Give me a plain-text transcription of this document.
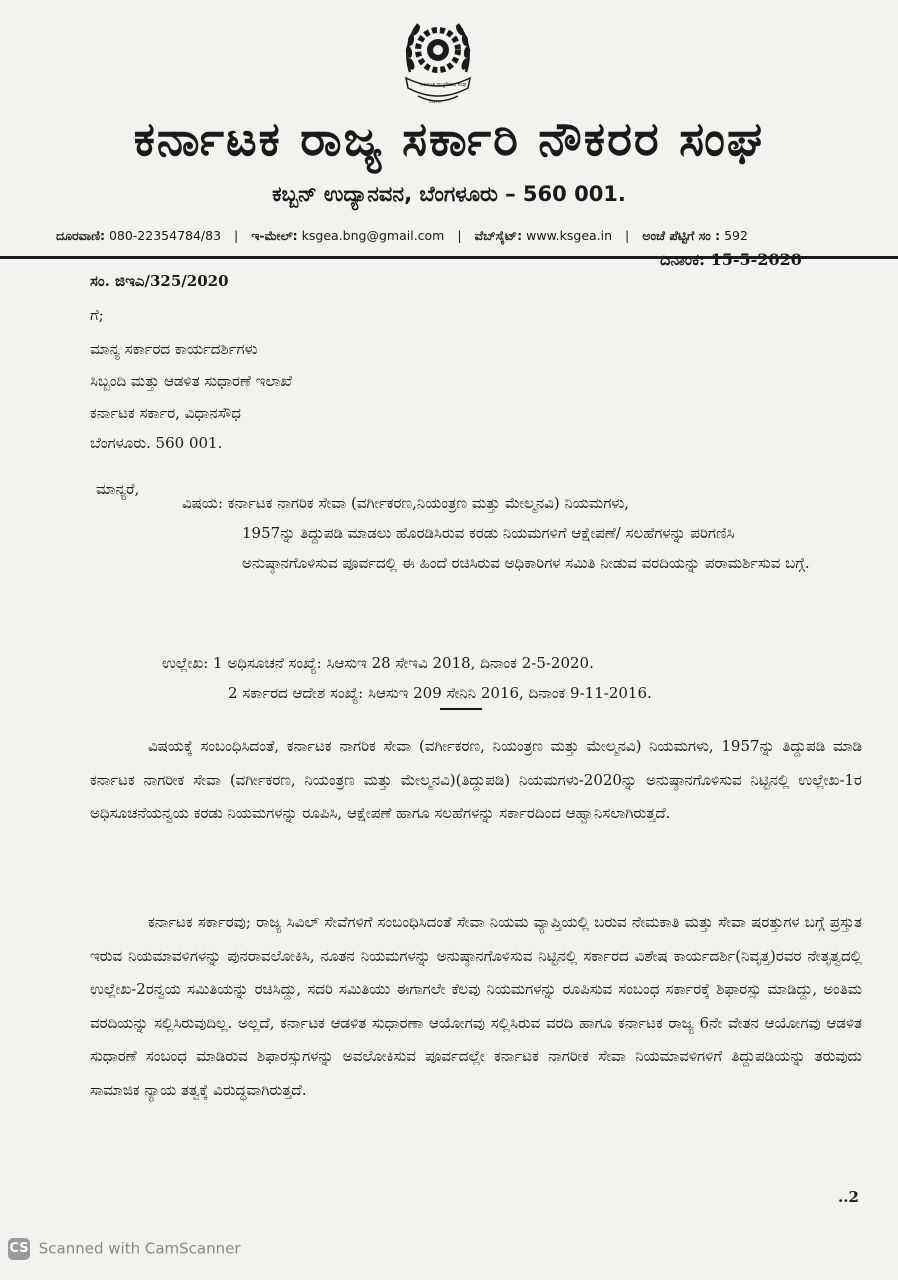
ಕರ್ನಾಟಕ ರಾಜ್ಯ ನೌಕರರ ಸಂಘ
ಸರ್ಕಾರಿ
ಕರ್ನಾಟಕ ರಾಜ್ಯ ಸರ್ಕಾರಿ ನೌಕರರ ಸಂಘ
ಕಬ್ಬನ್ ಉದ್ಯಾನವನ, ಬೆಂಗಳೂರು – 560 001.
ದೂರವಾಣಿ: 080-22354784/83 | ಇ-ಮೇಲ್: ksgea.bng@gmail.com | ವೆಬ್‌ಸೈಟ್: www.ksgea.in | ಅಂಚೆ ಪೆಟ್ಟಿಗೆ ಸಂ : 592
ದಿನಾಂಕ: 15-5-2020
ಸಂ. ಜಿಇಎ/325/2020
ಗೆ;
ಮಾನ್ಯ ಸರ್ಕಾರದ ಕಾರ್ಯದರ್ಶಿಗಳು
ಸಿಬ್ಬಂದಿ ಮತ್ತು ಆಡಳಿತ ಸುಧಾರಣೆ ಇಲಾಖೆ
ಕರ್ನಾಟಕ ಸರ್ಕಾರ, ವಿಧಾನಸೌಧ
ಬೆಂಗಳೂರು. 560 001.
ಮಾನ್ಯರೆ,
ವಿಷಯ: ಕರ್ನಾಟಕ ನಾಗರಿಕ ಸೇವಾ (ವರ್ಗೀಕರಣ,ನಿಯಂತ್ರಣ ಮತ್ತು ಮೇಲ್ಮನವಿ) ನಿಯಮಗಳು,
1957ನ್ನು ತಿದ್ದುಪಡಿ ಮಾಡಲು ಹೊರಡಿಸಿರುವ ಕರಡು ನಿಯಮಗಳಿಗೆ ಆಕ್ಷೇಪಣೆ/ ಸಲಹೆಗಳನ್ನು ಪರಿಗಣಿಸಿ ಅನುಷ್ಠಾನಗೊಳಿಸುವ ಪೂರ್ವದಲ್ಲಿ ಈ ಹಿಂದೆ ರಚಿಸಿರುವ ಅಧಿಕಾರಿಗಳ ಸಮಿತಿ ನೀಡುವ ವರದಿಯನ್ನು ಪರಾಮರ್ಶಿಸುವ ಬಗ್ಗೆ.
ಉಲ್ಲೇಖ: 1 ಅಧಿಸೂಚನೆ ಸಂಖ್ಯೆ: ಸಿಆಸುಇ 28 ಸೇಇವಿ 2018, ದಿನಾಂಕ 2-5-2020.
2 ಸರ್ಕಾರದ ಆದೇಶ ಸಂಖ್ಯೆ: ಸಿಆಸುಇ 209 ಸೇನಿನಿ 2016, ದಿನಾಂಕ 9-11-2016.
ವಿಷಯಕ್ಕೆ ಸಂಬಂಧಿಸಿದಂತೆ, ಕರ್ನಾಟಕ ನಾಗರಿಕ ಸೇವಾ (ವರ್ಗೀಕರಣ, ನಿಯಂತ್ರಣ ಮತ್ತು ಮೇಲ್ಮನವಿ) ನಿಯಮಗಳು, 1957ನ್ನು ತಿದ್ದುಪಡಿ ಮಾಡಿ ಕರ್ನಾಟಕ ನಾಗರೀಕ ಸೇವಾ (ವರ್ಗೀಕರಣ, ನಿಯಂತ್ರಣ ಮತ್ತು ಮೇಲ್ಮನವಿ)(ತಿದ್ದುಪಡಿ) ನಿಯಮಗಳು-2020ನ್ನು ಅನುಷ್ಠಾನಗೊಳಿಸುವ ನಿಟ್ಟಿನಲ್ಲಿ ಉಲ್ಲೇಖ-1ರ ಅಧಿಸೂಚನೆಯನ್ವಯ ಕರಡು ನಿಯಮಗಳನ್ನು ರೂಪಿಸಿ, ಆಕ್ಷೇಪಣೆ ಹಾಗೂ ಸಲಹೆಗಳನ್ನು ಸರ್ಕಾರದಿಂದ ಆಹ್ವಾನಿಸಲಾಗಿರುತ್ತದೆ.
ಕರ್ನಾಟಕ ಸರ್ಕಾರವು; ರಾಜ್ಯ ಸಿವಿಲ್ ಸೇವೆಗಳಿಗೆ ಸಂಬಂಧಿಸಿದಂತೆ ಸೇವಾ ನಿಯಮ ವ್ಯಾಪ್ತಿಯಲ್ಲಿ ಬರುವ ನೇಮಕಾತಿ ಮತ್ತು ಸೇವಾ ಷರತ್ತುಗಳ ಬಗ್ಗೆ ಪ್ರಸ್ತುತ ಇರುವ ನಿಯಮಾವಳಿಗಳನ್ನು ಪುನರಾವಲೋಕಿಸಿ, ನೂತನ ನಿಯಮಗಳನ್ನು ಅನುಷ್ಠಾನಗೊಳಿಸುವ ನಿಟ್ಟಿನಲ್ಲಿ ಸರ್ಕಾರದ ವಿಶೇಷ ಕಾರ್ಯದರ್ಶಿ(ನಿವೃತ್ತ)ರವರ ನೇತೃತ್ವದಲ್ಲಿ ಉಲ್ಲೇಖ-2ರನ್ವಯ ಸಮಿತಿಯನ್ನು ರಚಿಸಿದ್ದು, ಸದರಿ ಸಮಿತಿಯು ಈಗಾಗಲೇ ಕೆಲವು ನಿಯಮಗಳನ್ನು ರೂಪಿಸುವ ಸಂಬಂಧ ಸರ್ಕಾರಕ್ಕೆ ಶಿಫಾರಸ್ಸು ಮಾಡಿದ್ದು, ಅಂತಿಮ ವರದಿಯನ್ನು ಸಲ್ಲಿಸಿರುವುದಿಲ್ಲ. ಅಲ್ಲದೆ, ಕರ್ನಾಟಕ ಆಡಳಿತ ಸುಧಾರಣಾ ಆಯೋಗವು ಸಲ್ಲಿಸಿರುವ ವರದಿ ಹಾಗೂ ಕರ್ನಾಟಕ ರಾಜ್ಯ 6ನೇ ವೇತನ ಆಯೋಗವು ಆಡಳಿತ ಸುಧಾರಣೆ ಸಂಬಂಧ ಮಾಡಿರುವ ಶಿಫಾರಸ್ಸುಗಳನ್ನು ಅವಲೋಕಿಸುವ ಪೂರ್ವದಲ್ಲೇ ಕರ್ನಾಟಕ ನಾಗರೀಕ ಸೇವಾ ನಿಯಮಾವಳಿಗಳಿಗೆ ತಿದ್ದುಪಡಿಯನ್ನು ತರುವುದು ಸಾಮಾಜಿಕ ನ್ಯಾಯ ತತ್ವಕ್ಕೆ ವಿರುದ್ಧವಾಗಿರುತ್ತದೆ.
..2
CS Scanned with CamScanner
